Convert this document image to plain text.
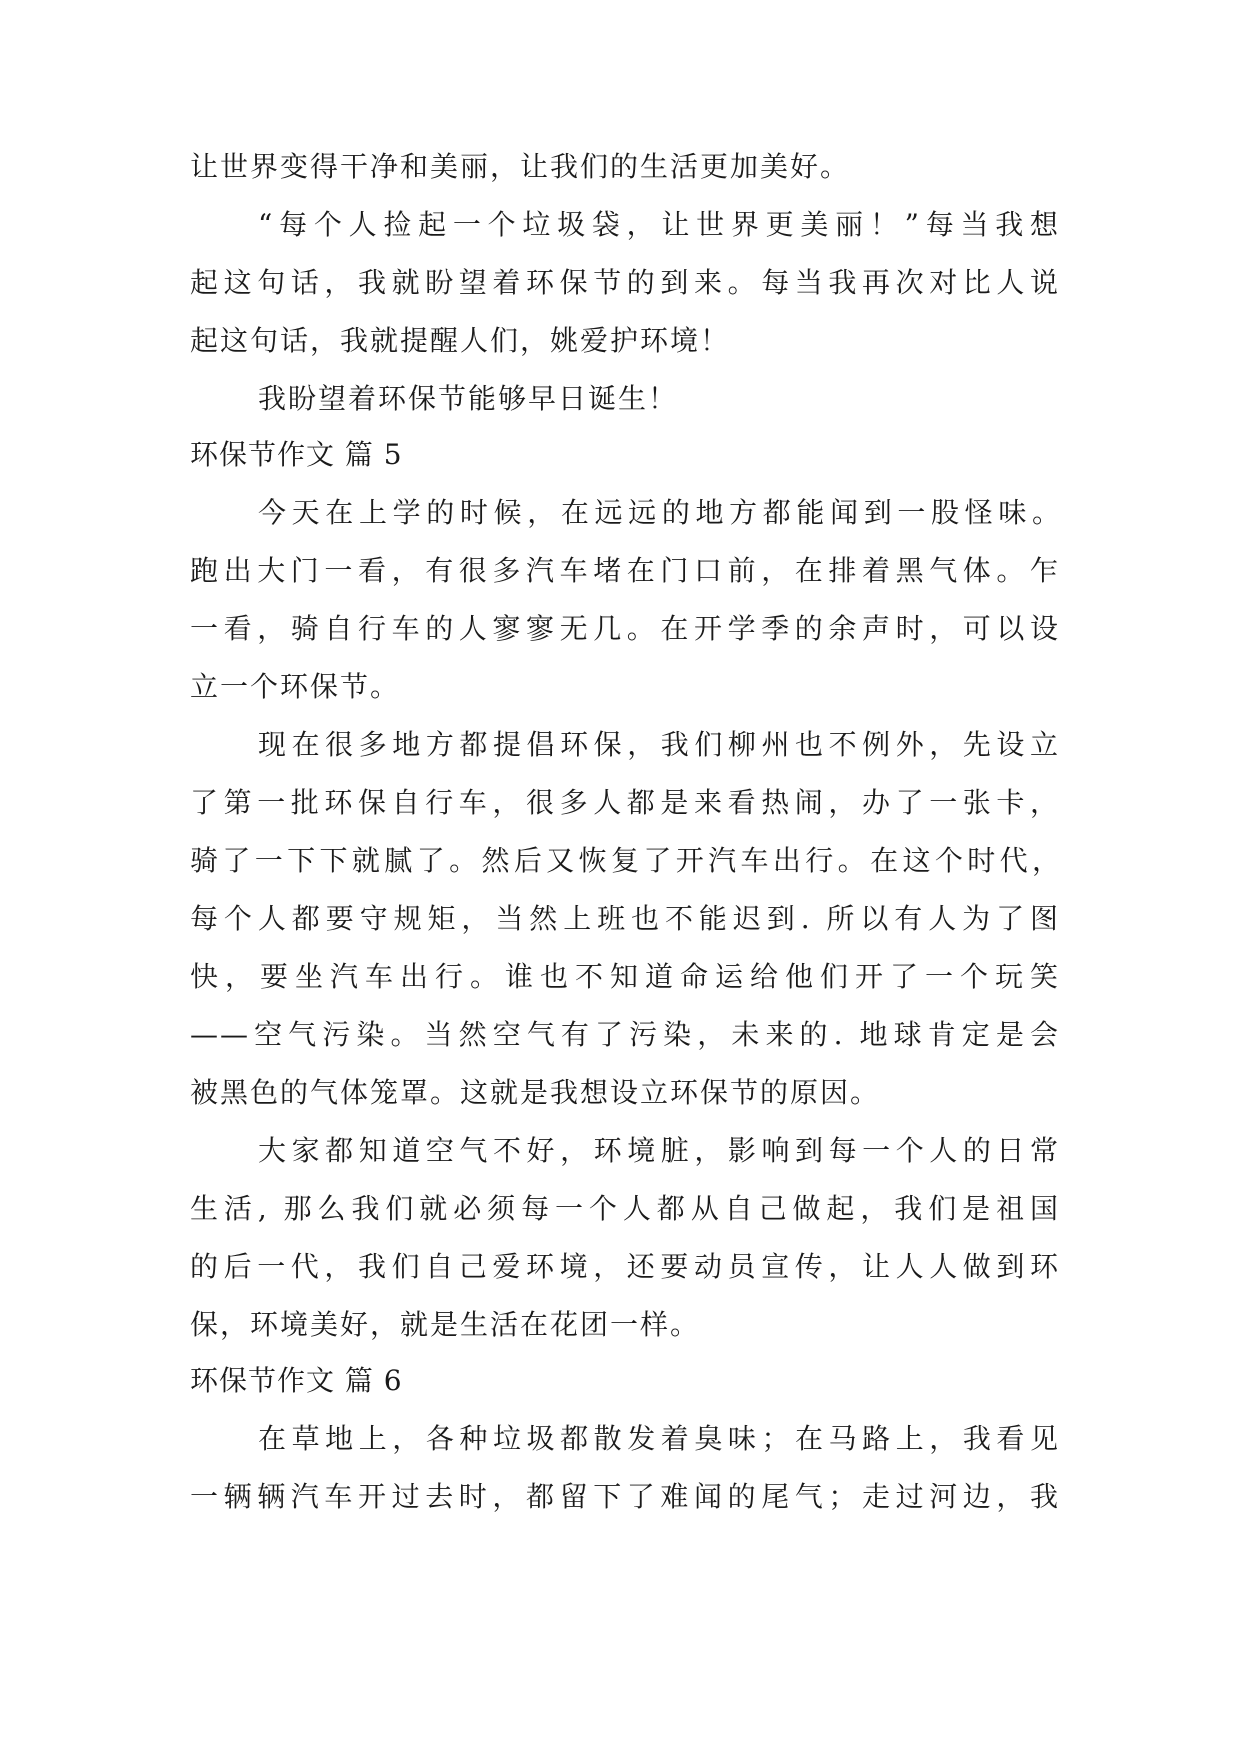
让世界变得干净和美丽，让我们的生活更加美好。
“每个人捡起一个垃圾袋，让世界更美丽！”每当我想
起这句话，我就盼望着环保节的到来。每当我再次对比人说
起这句话，我就提醒人们，姚爱护环境！
我盼望着环保节能够早日诞生！
环保节作文 篇 5
今天在上学的时候，在远远的地方都能闻到一股怪味。
跑出大门一看，有很多汽车堵在门口前，在排着黑气体。乍
一看，骑自行车的人寥寥无几。在开学季的余声时，可以设
立一个环保节。
现在很多地方都提倡环保，我们柳州也不例外，先设立
了第一批环保自行车，很多人都是来看热闹，办了一张卡，
骑了一下下就腻了。然后又恢复了开汽车出行。在这个时代，
每个人都要守规矩，当然上班也不能迟到. 所以有人为了图
快，要坐汽车出行。谁也不知道命运给他们开了一个玩笑
——空气污染。当然空气有了污染，未来的. 地球肯定是会
被黑色的气体笼罩。这就是我想设立环保节的原因。
大家都知道空气不好，环境脏，影响到每一个人的日常
生活, 那么我们就必须每一个人都从自己做起，我们是祖国
的后一代，我们自己爱环境，还要动员宣传，让人人做到环
保，环境美好，就是生活在花团一样。
环保节作文 篇 6
在草地上，各种垃圾都散发着臭味；在马路上，我看见
一辆辆汽车开过去时，都留下了难闻的尾气；走过河边，我
